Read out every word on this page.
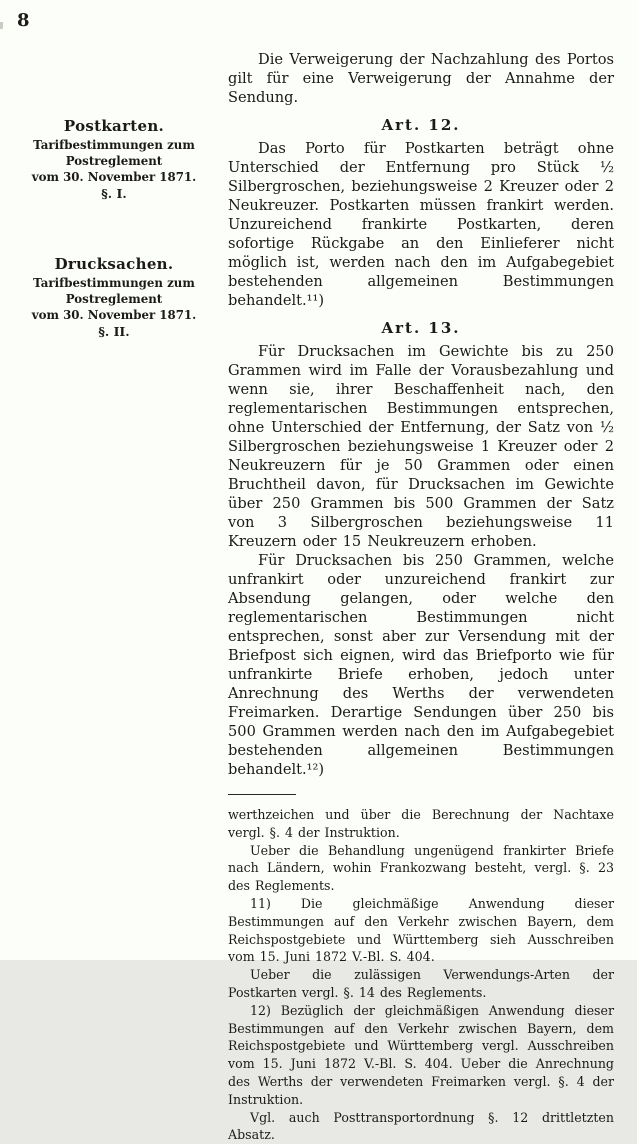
8

Postkarten.

Tarifbestimmungen zum Postreglement

vom 30. November 1871.

§. I.

Drucksachen.

Tarifbestimmungen zum Postreglement

vom 30. November 1871.

§. II.

Die Verweigerung der Nachzahlung des Portos gilt für eine Verweigerung der Annahme der Sendung.

Art. 12.

Das Porto für Postkarten beträgt ohne Unterschied der Entfernung pro Stück ½ Silbergroschen, beziehungsweise 2 Kreuzer oder 2 Neukreuzer. Postkarten müssen frankirt werden. Unzureichend frankirte Postkarten, deren sofortige Rückgabe an den Einlieferer nicht möglich ist, werden nach den im Aufgabegebiet bestehenden allgemeinen Bestimmungen behandelt.¹¹)

Art. 13.

Für Drucksachen im Gewichte bis zu 250 Grammen wird im Falle der Vorausbezahlung und wenn sie, ihrer Beschaffenheit nach, den reglementarischen Bestimmungen entsprechen, ohne Unterschied der Entfernung, der Satz von ½ Silbergroschen beziehungsweise 1 Kreuzer oder 2 Neukreuzern für je 50 Grammen oder einen Bruchtheil davon, für Drucksachen im Gewichte über 250 Grammen bis 500 Grammen der Satz von 3 Silbergroschen beziehungsweise 11 Kreuzern oder 15 Neukreuzern erhoben.

Für Drucksachen bis 250 Grammen, welche unfrankirt oder unzureichend frankirt zur Absendung gelangen, oder welche den reglementarischen Bestimmungen nicht entsprechen, sonst aber zur Versendung mit der Briefpost sich eignen, wird das Briefporto wie für unfrankirte Briefe erhoben, jedoch unter Anrechnung des Werths der verwendeten Freimarken. Derartige Sendungen über 250 bis 500 Grammen werden nach den im Aufgabegebiet bestehenden allgemeinen Bestimmungen behandelt.¹²)

werthzeichen und über die Berechnung der Nachtaxe vergl. §. 4 der Instruktion.

Ueber die Behandlung ungenügend frankirter Briefe nach Ländern, wohin Frankozwang besteht, vergl. §. 23 des Reglements.

11) Die gleichmäßige Anwendung dieser Bestimmungen auf den Verkehr zwischen Bayern, dem Reichspostgebiete und Württemberg sieh Ausschreiben vom 15. Juni 1872 V.-Bl. S. 404.

Ueber die zulässigen Verwendungs-Arten der Postkarten vergl. §. 14 des Reglements.

12) Bezüglich der gleichmäßigen Anwendung dieser Bestimmungen auf den Verkehr zwischen Bayern, dem Reichspostgebiete und Württemberg vergl. Ausschreiben vom 15. Juni 1872 V.-Bl. S. 404. Ueber die Anrechnung des Werths der verwendeten Freimarken vergl. §. 4 der Instruktion.

Vgl. auch Posttransportordnung §. 12 drittletzten Absatz.
